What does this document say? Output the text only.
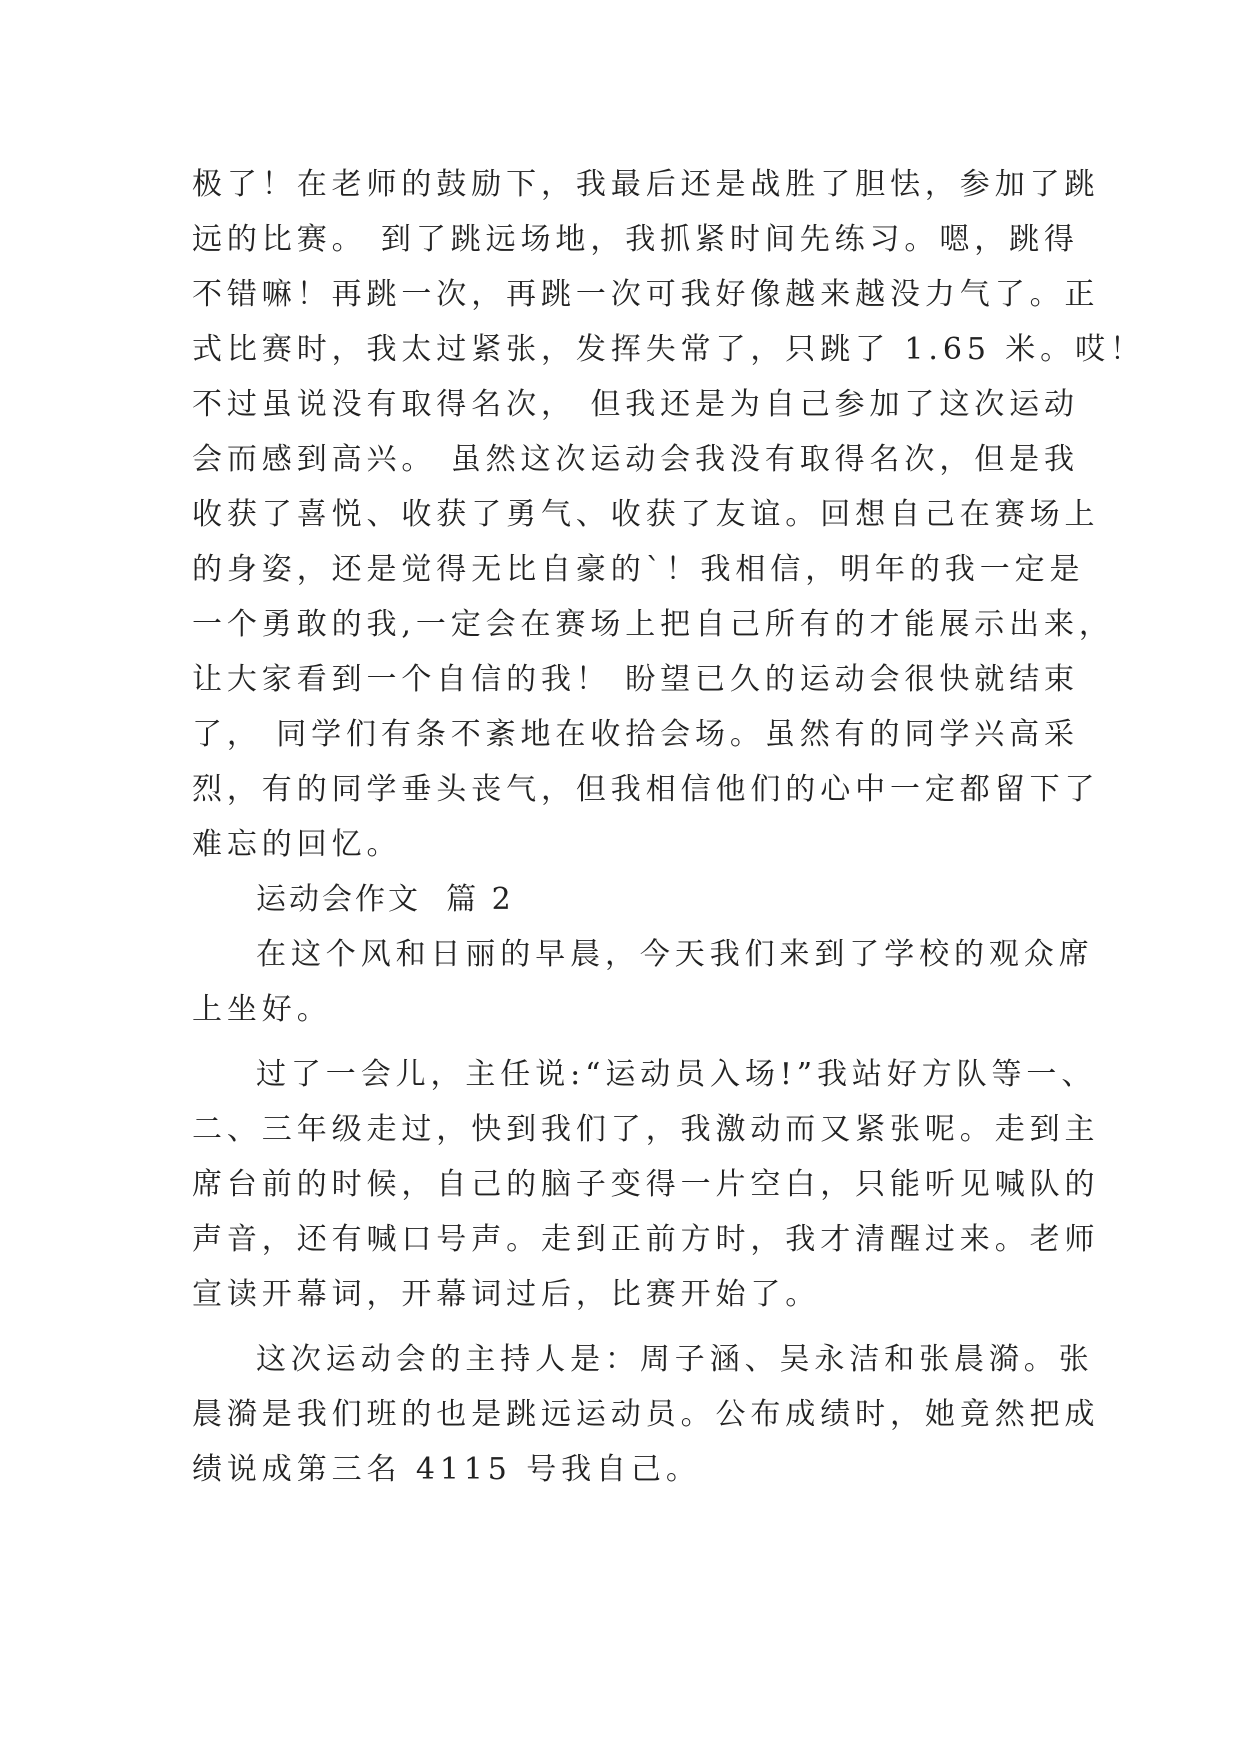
极了！在老师的鼓励下，我最后还是战胜了胆怯，参加了跳
远的比赛。 到了跳远场地，我抓紧时间先练习。嗯，跳得
不错嘛！再跳一次，再跳一次可我好像越来越没力气了。正
式比赛时，我太过紧张，发挥失常了，只跳了 1.65 米。哎！
不过虽说没有取得名次， 但我还是为自己参加了这次运动
会而感到高兴。 虽然这次运动会我没有取得名次，但是我
收获了喜悦、收获了勇气、收获了友谊。回想自己在赛场上
的身姿，还是觉得无比自豪的`！我相信，明年的我一定是
一个勇敢的我,一定会在赛场上把自己所有的才能展示出来，
让大家看到一个自信的我！ 盼望已久的运动会很快就结束
了， 同学们有条不紊地在收拾会场。虽然有的同学兴高采
烈，有的同学垂头丧气，但我相信他们的心中一定都留下了
难忘的回忆。
运动会作文  篇 2
在这个风和日丽的早晨，今天我们来到了学校的观众席
上坐好。
过了一会儿，主任说:“运动员入场!”我站好方队等一、
二、三年级走过，快到我们了，我激动而又紧张呢。走到主
席台前的时候，自己的脑子变得一片空白，只能听见喊队的
声音，还有喊口号声。走到正前方时，我才清醒过来。老师
宣读开幕词，开幕词过后，比赛开始了。
这次运动会的主持人是：周子涵、吴永洁和张晨漪。张
晨漪是我们班的也是跳远运动员。公布成绩时，她竟然把成
绩说成第三名 4115 号我自己。
